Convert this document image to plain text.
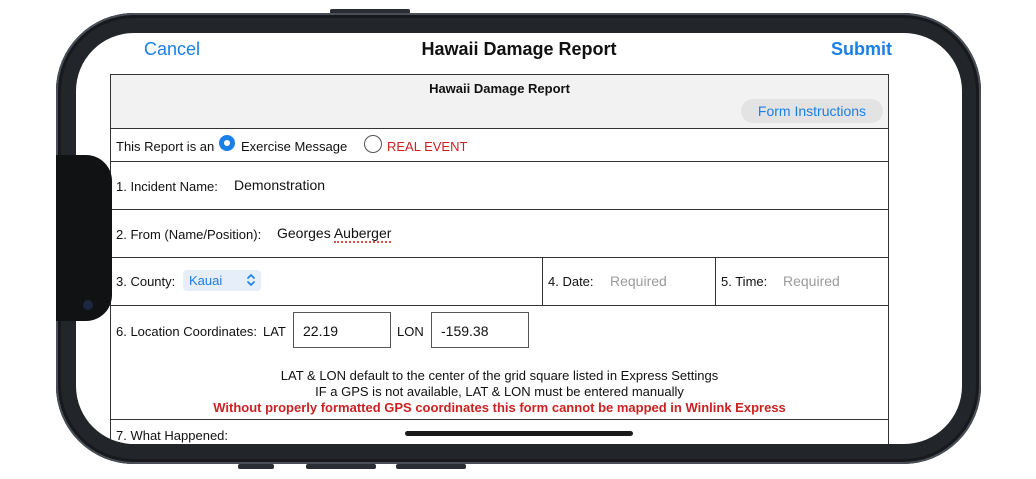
Cancel	Hawaii Damage Report	Submit
Hawaii Damage Report
Form Instructions
This Report is an Exercise Message	REAL EVENT
1. Incident Name: Demonstration
2. From (Name/Position): Georges Auberger
3. County: Kauai	4. Date: Required	5. Time: Required
6. Location Coordinates: LAT 22.19	LON -159.38
LAT & LON default to the center of the grid square listed in Express Settings
IF a GPS is not available, LAT & LON must be entered manually
Without properly formatted GPS coordinates this form cannot be mapped in Winlink Express
7. What Happened:
